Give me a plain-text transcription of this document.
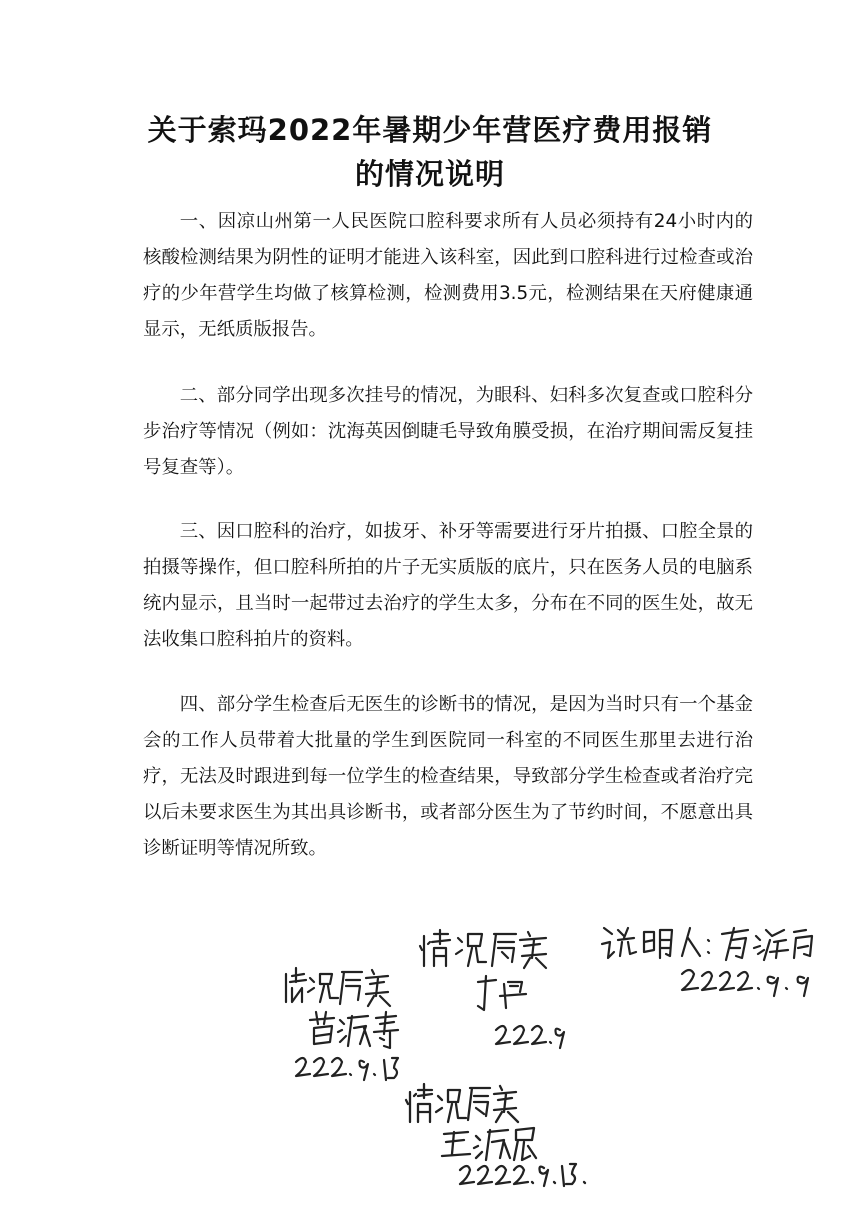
关于索玛2022年暑期少年营医疗费用报销
的情况说明

一、因凉山州第一人民医院口腔科要求所有人员必须持有24小时内的核酸检测结果为阴性的证明才能进入该科室，因此到口腔科进行过检查或治疗的少年营学生均做了核算检测，检测费用3.5元，检测结果在天府健康通显示，无纸质版报告。

二、部分同学出现多次挂号的情况，为眼科、妇科多次复查或口腔科分步治疗等情况（例如：沈海英因倒睫毛导致角膜受损，在治疗期间需反复挂号复查等）。

三、因口腔科的治疗，如拔牙、补牙等需要进行牙片拍摄、口腔全景的拍摄等操作，但口腔科所拍的片子无实质版的底片，只在医务人员的电脑系统内显示，且当时一起带过去治疗的学生太多，分布在不同的医生处，故无法收集口腔科拍片的资料。

四、部分学生检查后无医生的诊断书的情况，是因为当时只有一个基金会的工作人员带着大批量的学生到医院同一科室的不同医生那里去进行治疗，无法及时跟进到每一位学生的检查结果，导致部分学生检查或者治疗完以后未要求医生为其出具诊断书，或者部分医生为了节约时间，不愿意出具诊断证明等情况所致。
